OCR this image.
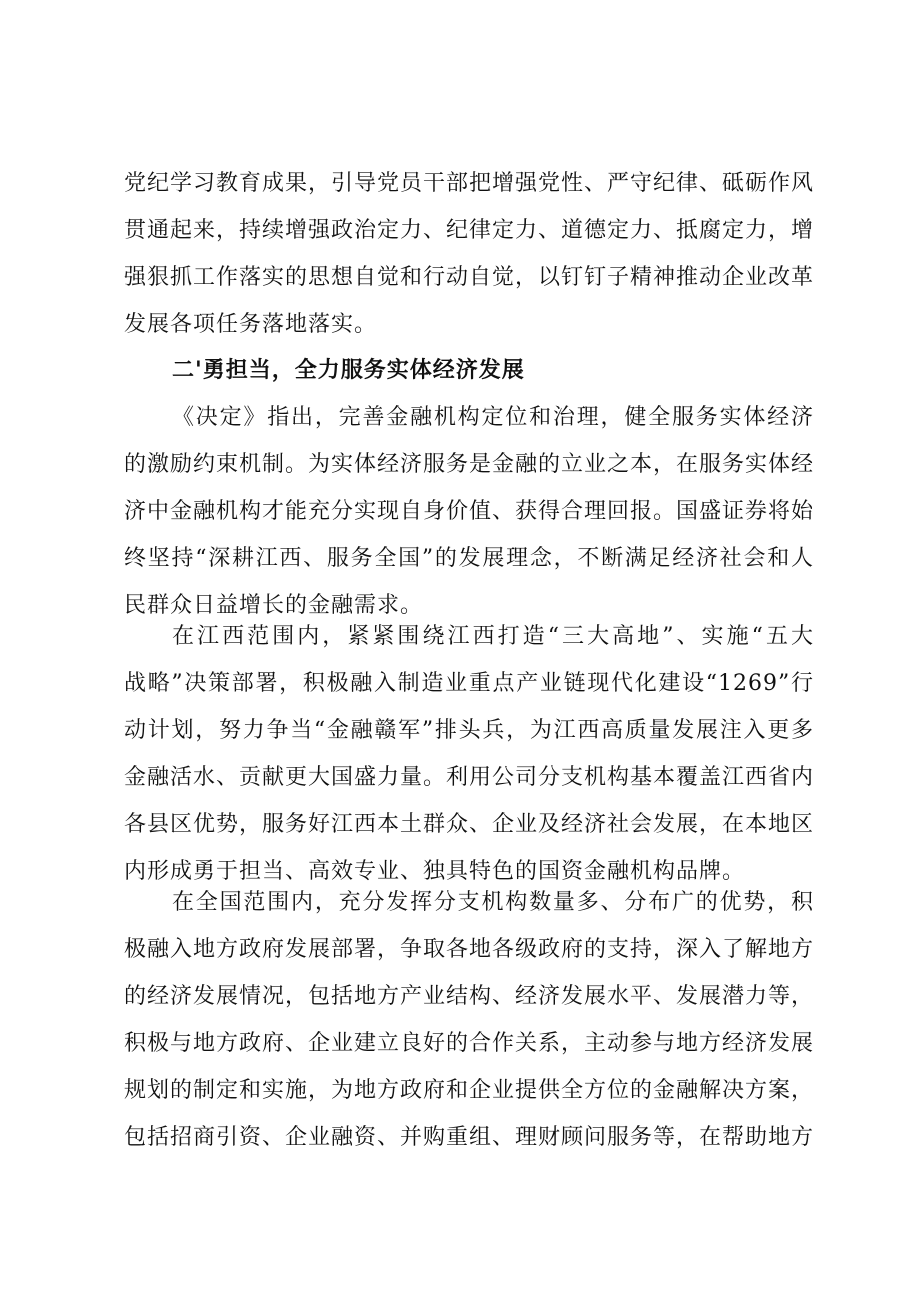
党纪学习教育成果，引导党员干部把增强党性、严守纪律、砥砺作风
贯通起来，持续增强政治定力、纪律定力、道德定力、抵腐定力，增
强狠抓工作落实的思想自觉和行动自觉，以钉钉子精神推动企业改革
发展各项任务落地落实。
二'勇担当，全力服务实体经济发展
《决定》指出，完善金融机构定位和治理，健全服务实体经济
的激励约束机制。为实体经济服务是金融的立业之本，在服务实体经
济中金融机构才能充分实现自身价值、获得合理回报。国盛证券将始
终坚持“深耕江西、服务全国”的发展理念，不断满足经济社会和人
民群众日益增长的金融需求。
在江西范围内，紧紧围绕江西打造“三大高地”、实施“五大
战略”决策部署，积极融入制造业重点产业链现代化建设“1269”行
动计划，努力争当“金融赣军”排头兵，为江西高质量发展注入更多
金融活水、贡献更大国盛力量。利用公司分支机构基本覆盖江西省内
各县区优势，服务好江西本土群众、企业及经济社会发展，在本地区
内形成勇于担当、高效专业、独具特色的国资金融机构品牌。
在全国范围内，充分发挥分支机构数量多、分布广的优势，积
极融入地方政府发展部署，争取各地各级政府的支持，深入了解地方
的经济发展情况，包括地方产业结构、经济发展水平、发展潜力等，
积极与地方政府、企业建立良好的合作关系，主动参与地方经济发展
规划的制定和实施，为地方政府和企业提供全方位的金融解决方案，
包括招商引资、企业融资、并购重组、理财顾问服务等，在帮助地方
